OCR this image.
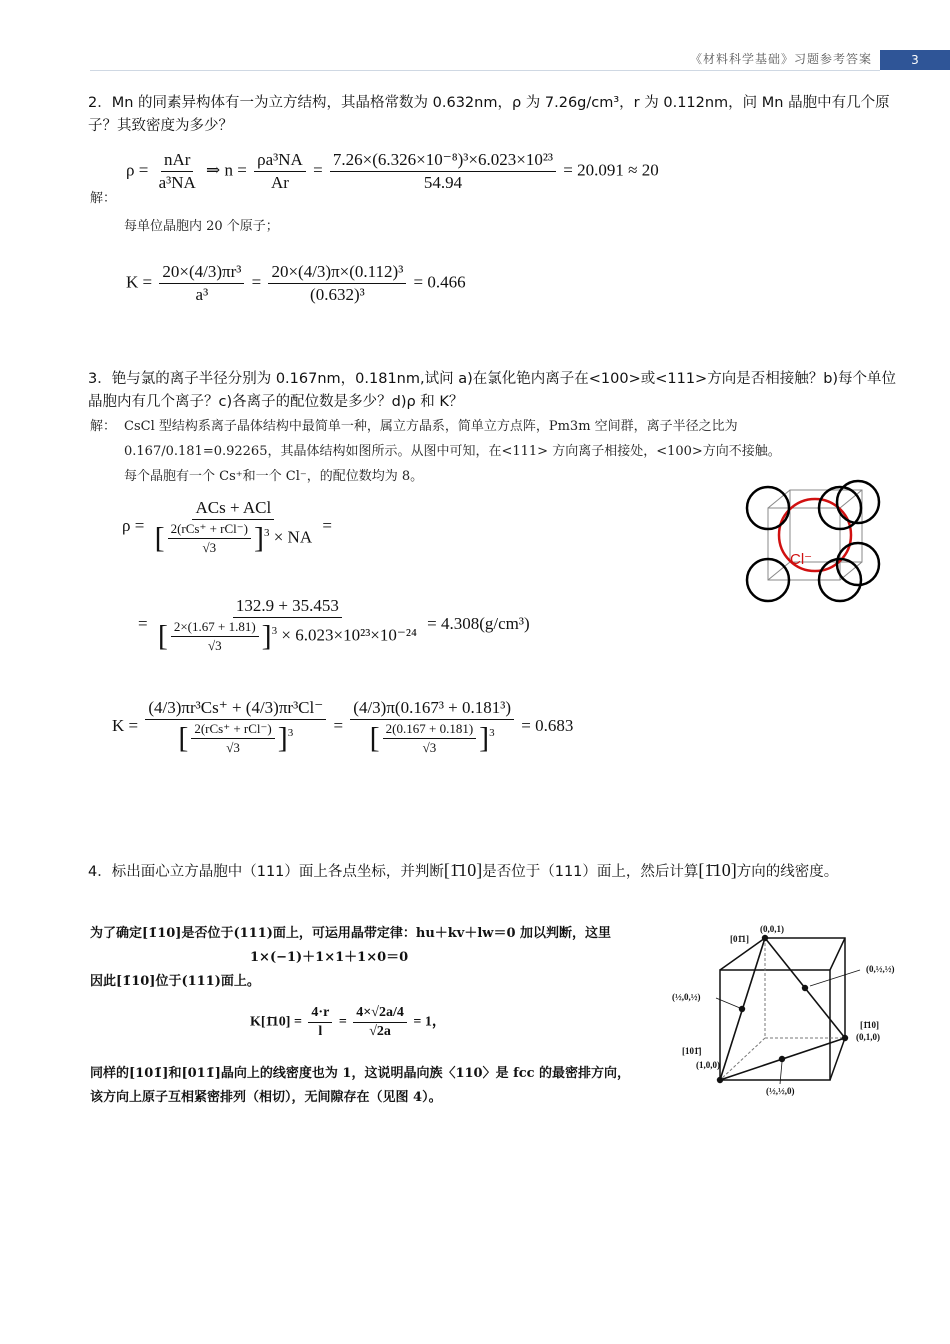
《材料科学基础》习题参考答案	3
2．Mn 的同素异构体有一为立方结构，其晶格常数为 0.632nm，ρ 为 7.26g/cm³，r 为 0.112nm，问 Mn 晶胞中有几个原子？其致密度为多少？
解：
$\rho = \frac{\text{nAr}}{\text{a³NA}}$ ⇒ $n = \frac{\text{ρa³NA}}{Ar} = \frac{\text{7.26×(6.326×10⁻⁸)³×6.023×10²³}}{54.94} = 20.091 \approx 20$
每单位晶胞内 20 个原子；
$K = \frac{\text{20×(4/3)πr³}}{\text{a³}} = \frac{\text{20×(4/3)π×(0.112)³}}{\text{(0.632)³}} = 0.466$
3．铯与氯的离子半径分别为 0.167nm，0.181nm,试问 a)在氯化铯内离子在<100>或<111>方向是否相接触？b)每个单位晶胞内有几个离子？c)各离子的配位数是多少？d)ρ 和 K？
解： CsCl 型结构系离子晶体结构中最简单一种，属立方晶系，简单立方点阵，Pm3m 空间群，离子半径之比为
0.167/0.181=0.92265，其晶体结构如图所示。从图中可知，在<111> 方向离子相接处，<100>方向不接触。
每个晶胞有一个 Cs⁺和一个 Cl⁻，的配位数均为 8。
$\rho = \frac{\text{ACs + ACl}}{[ \frac{\text{2(rCs⁺ + rCl⁻)}}{√3} ]^3 \times NA}$ =
= $\frac{132.9 + 35.453}{[ \frac{2\times(1.67 + 1.81)}{√3} ]^3 \times 6.023\times 10^{23}\times 10^{-24}} = 4.308(g/cm^3)$
$K = \frac{\text{(4/3)πr³Cs⁺ + (4/3)πr³Cl⁻}}{[ \frac{\text{2(rCs⁺ + rCl⁻)}}{√3} ]^3} = \frac{\text{(4/3)π(0.167³ + 0.181³)}}{[ \frac{2(0.167 + 0.181)}{√3} ]^3} = 0.683$
Cl⁻
4．标出面心立方晶胞中（111）面上各点坐标，并判断[1̄10]是否位于（111）面上，然后计算[1̄10]方向的线密度。
为了确定[1̄10]是否位于(111)面上，可运用晶带定律：hu＋kv＋lw＝0 加以判断，这里
1×(−1)＋1×1＋1×0＝0
因此[1̄10]位于(111)面上。
K[1̄10] = $\frac{4\cdot r}{l} = \frac{4\times√2a/4}{√2a} = 1$，
同样的[101̄]和[011̄]晶向上的线密度也为 1，这说明晶向族〈110〉是 fcc 的最密排方向，
该方向上原子互相紧密排列（相切），无间隙存在（见图 4）。
[01̄1]
(0,0,1)
(0,½,½)
(½,0,½)
[1̄10]
(0,1,0)
[101̄]
(1,0,0)
(½,½,0)
